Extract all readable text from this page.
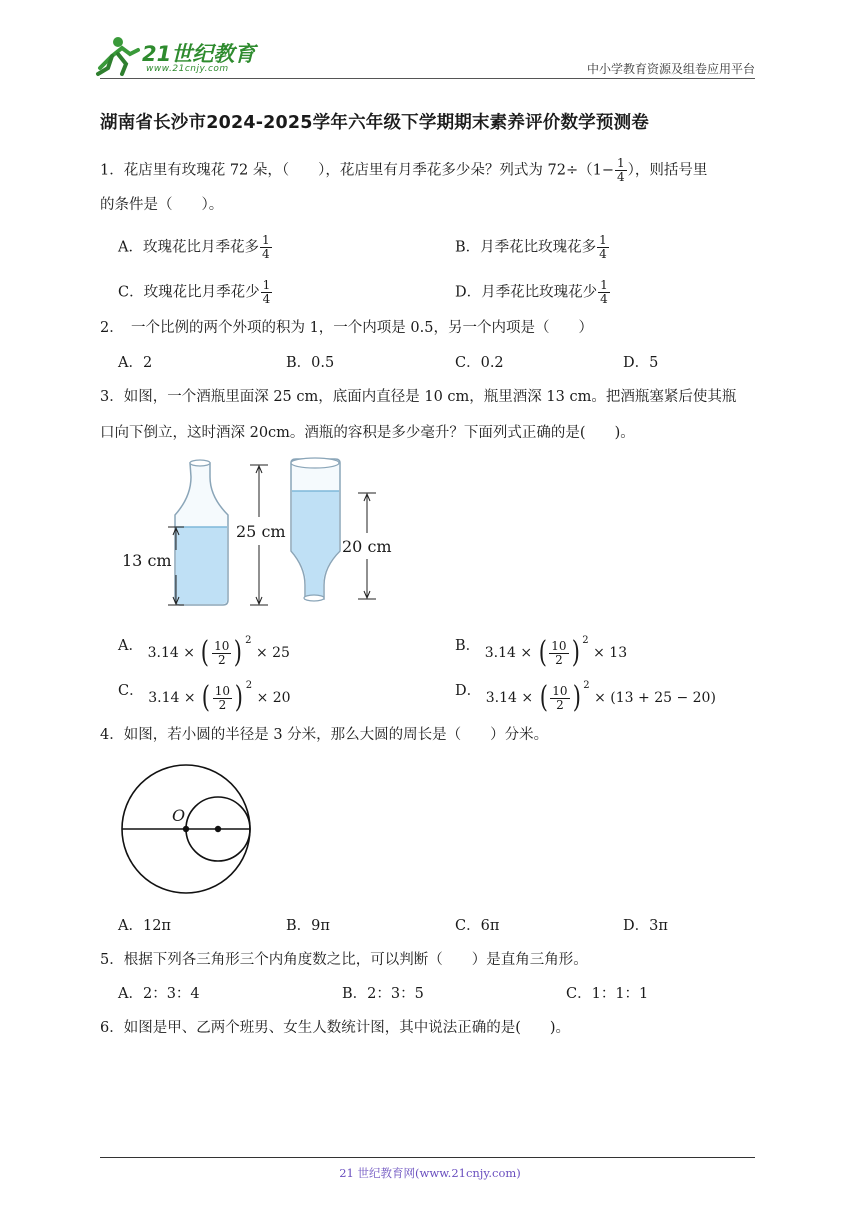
21世纪教育
www.21cnjy.com	中小学教育资源及组卷应用平台
湖南省长沙市2024-2025学年六年级下学期期末素养评价数学预测卷
1．花店里有玫瑰花 72 朵，（　　），花店里有月季花多少朵？列式为 $72\div(1- \frac{1}{4}$ ），则括号里
的条件是（　　）。
A．玫瑰花比月季花多 $\frac{1}{4}$	B．月季花比玫瑰花多 $\frac{1}{4}$
C．玫瑰花比月季花少 $\frac{1}{4}$	D．月季花比玫瑰花少 $\frac{1}{4}$
2．　一个比例的两个外项的积为 1，一个内项是 0.5，另一个内项是（　　）
A．2	B．0.5	C．0.2	D．5
3．如图，一个酒瓶里面深 25 cm，底面内直径是 10 cm，瓶里酒深 13 cm。把酒瓶塞紧后使其瓶
口向下倒立，这时酒深 20cm。酒瓶的容积是多少毫升？下面列式正确的是(　　)。
13 cm
25 cm
20 cm
A． 3.14 ×
( $\frac{10}{2}$ ) $^2$

× 25	B． 3.14 ×
( $\frac{10}{2}$ ) $^2$

× 13
C． 3.14 ×
( $\frac{10}{2}$ ) $^2$

× 20	D． 3.14 ×
( $\frac{10}{2}$ ) $^2$

× (13 + 25 − 20)
4．如图，若小圆的半径是 3 分米，那么大圆的周长是（　　）分米。
O
A．12π	B．9π	C．6π	D．3π
5．根据下列各三角形三个内角度数之比，可以判断（　　）是直角三角形。
A．2：3：4	B．2：3：5	C．1：1：1
6．如图是甲、乙两个班男、女生人数统计图，其中说法正确的是(　　)。
21 世纪教育网(www.21cnjy.com)
